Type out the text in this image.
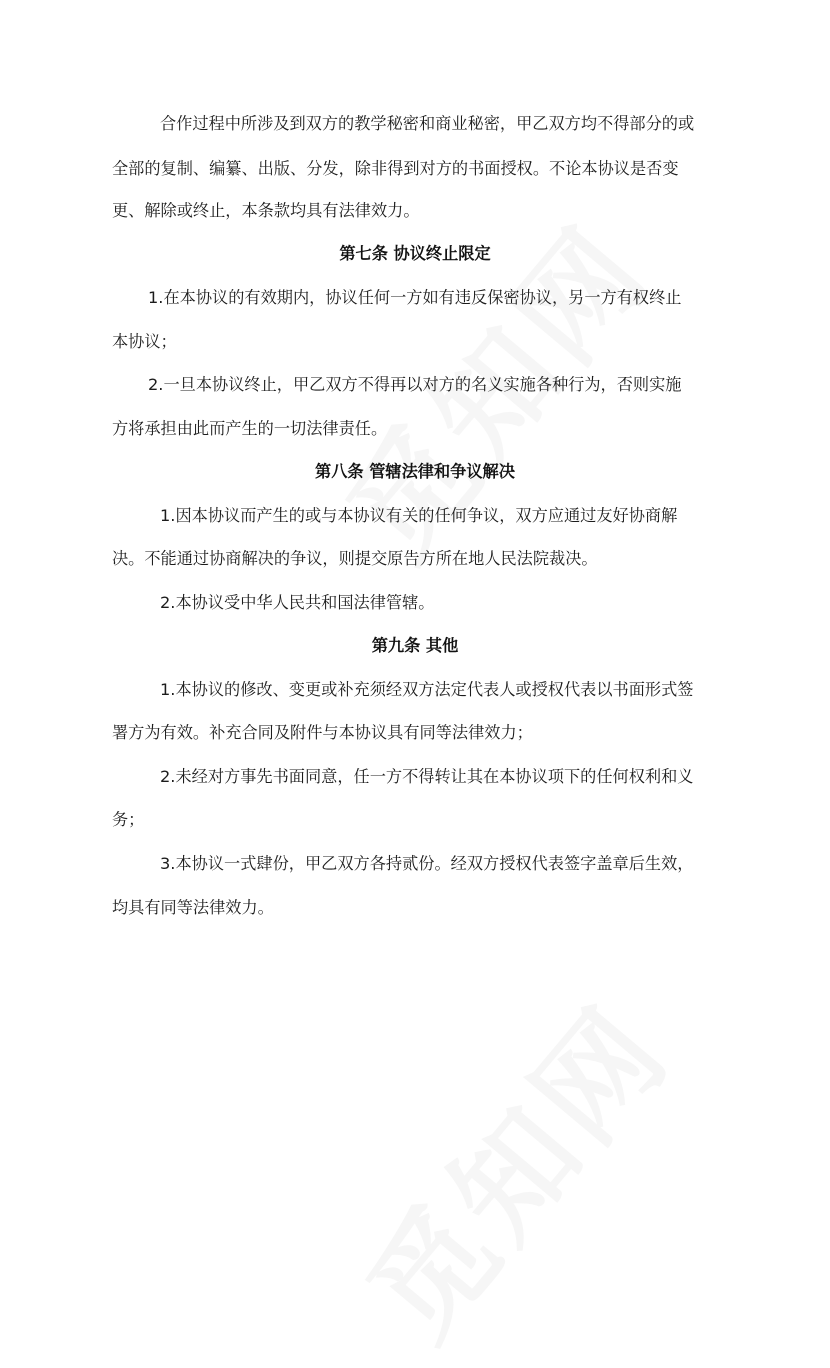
合作过程中所涉及到双方的教学秘密和商业秘密，甲乙双方均不得部分的或
全部的复制、编纂、出版、分发，除非得到对方的书面授权。不论本协议是否变
更、解除或终止，本条款均具有法律效力。
第七条 协议终止限定
1.在本协议的有效期内，协议任何一方如有违反保密协议，另一方有权终止
本协议；
2.一旦本协议终止，甲乙双方不得再以对方的名义实施各种行为，否则实施
方将承担由此而产生的一切法律责任。
第八条 管辖法律和争议解决
1.因本协议而产生的或与本协议有关的任何争议，双方应通过友好协商解
决。不能通过协商解决的争议，则提交原告方所在地人民法院裁决。
2.本协议受中华人民共和国法律管辖。
第九条 其他
1.本协议的修改、变更或补充须经双方法定代表人或授权代表以书面形式签
署方为有效。补充合同及附件与本协议具有同等法律效力；
2.未经对方事先书面同意，任一方不得转让其在本协议项下的任何权利和义
务；
3.本协议一式肆份，甲乙双方各持贰份。经双方授权代表签字盖章后生效，
均具有同等法律效力。
